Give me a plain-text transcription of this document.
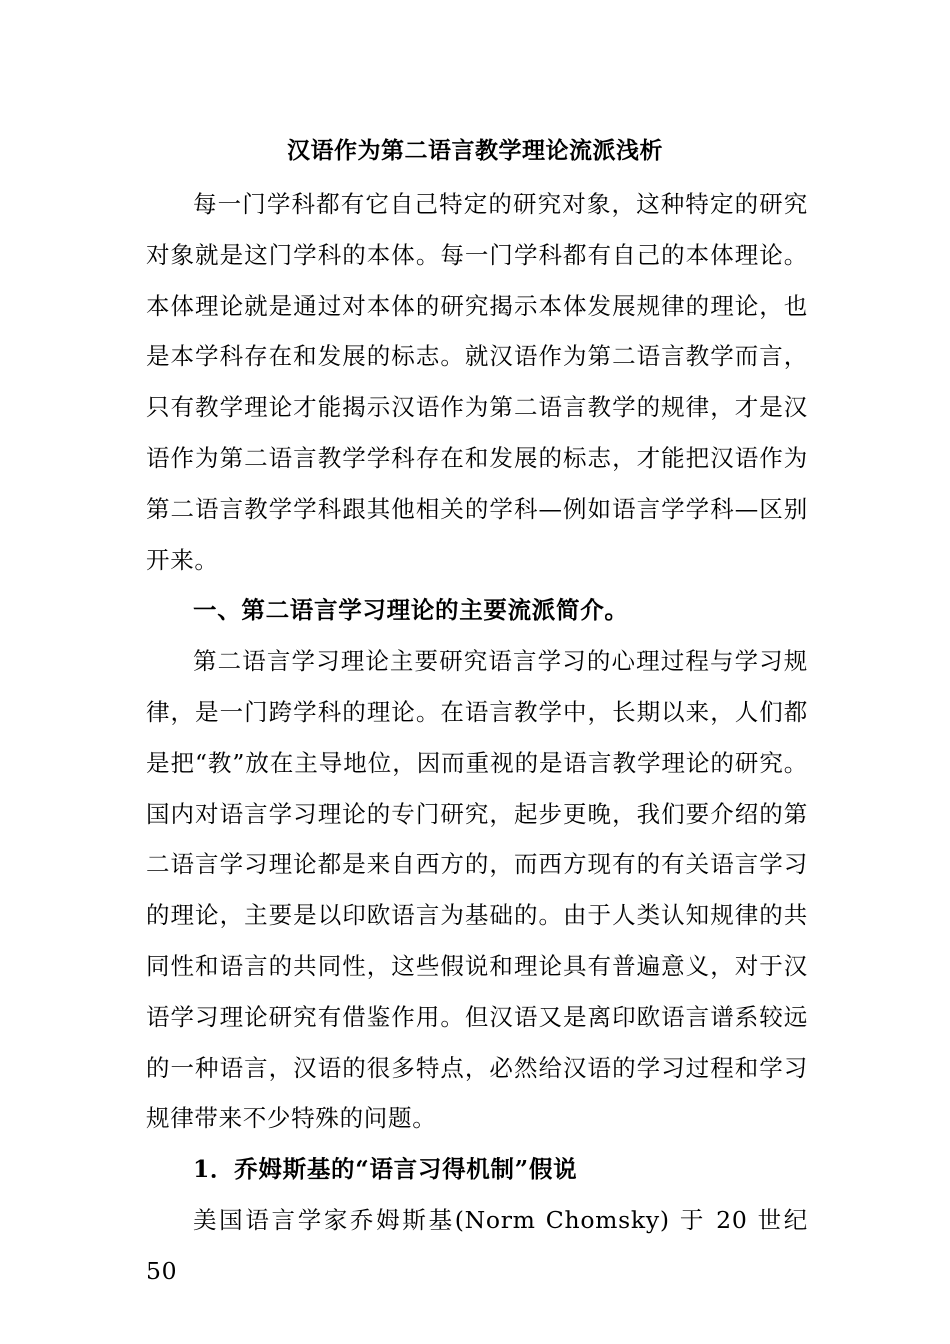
汉语作为第二语言教学理论流派浅析

每一门学科都有它自己特定的研究对象，这种特定的研究对象就是这门学科的本体。每一门学科都有自己的本体理论。本体理论就是通过对本体的研究揭示本体发展规律的理论，也是本学科存在和发展的标志。就汉语作为第二语言教学而言，只有教学理论才能揭示汉语作为第二语言教学的规律，才是汉语作为第二语言教学学科存在和发展的标志，才能把汉语作为第二语言教学学科跟其他相关的学科—例如语言学学科—区别开来。

一、第二语言学习理论的主要流派简介。

第二语言学习理论主要研究语言学习的心理过程与学习规律，是一门跨学科的理论。在语言教学中，长期以来，人们都是把“教”放在主导地位，因而重视的是语言教学理论的研究。 国内对语言学习理论的专门研究，起步更晚，我们要介绍的第二语言学习理论都是来自西方的，而西方现有的有关语言学习的理论，主要是以印欧语言为基础的。由于人类认知规律的共同性和语言的共同性，这些假说和理论具有普遍意义，对于汉语学习理论研究有借鉴作用。但汉语又是离印欧语言谱系较远的一种语言，汉语的很多特点，必然给汉语的学习过程和学习规律带来不少特殊的问题。

1．乔姆斯基的“语言习得机制”假说

美国语言学家乔姆斯基(Norm Chomsky) 于 20 世纪 50
